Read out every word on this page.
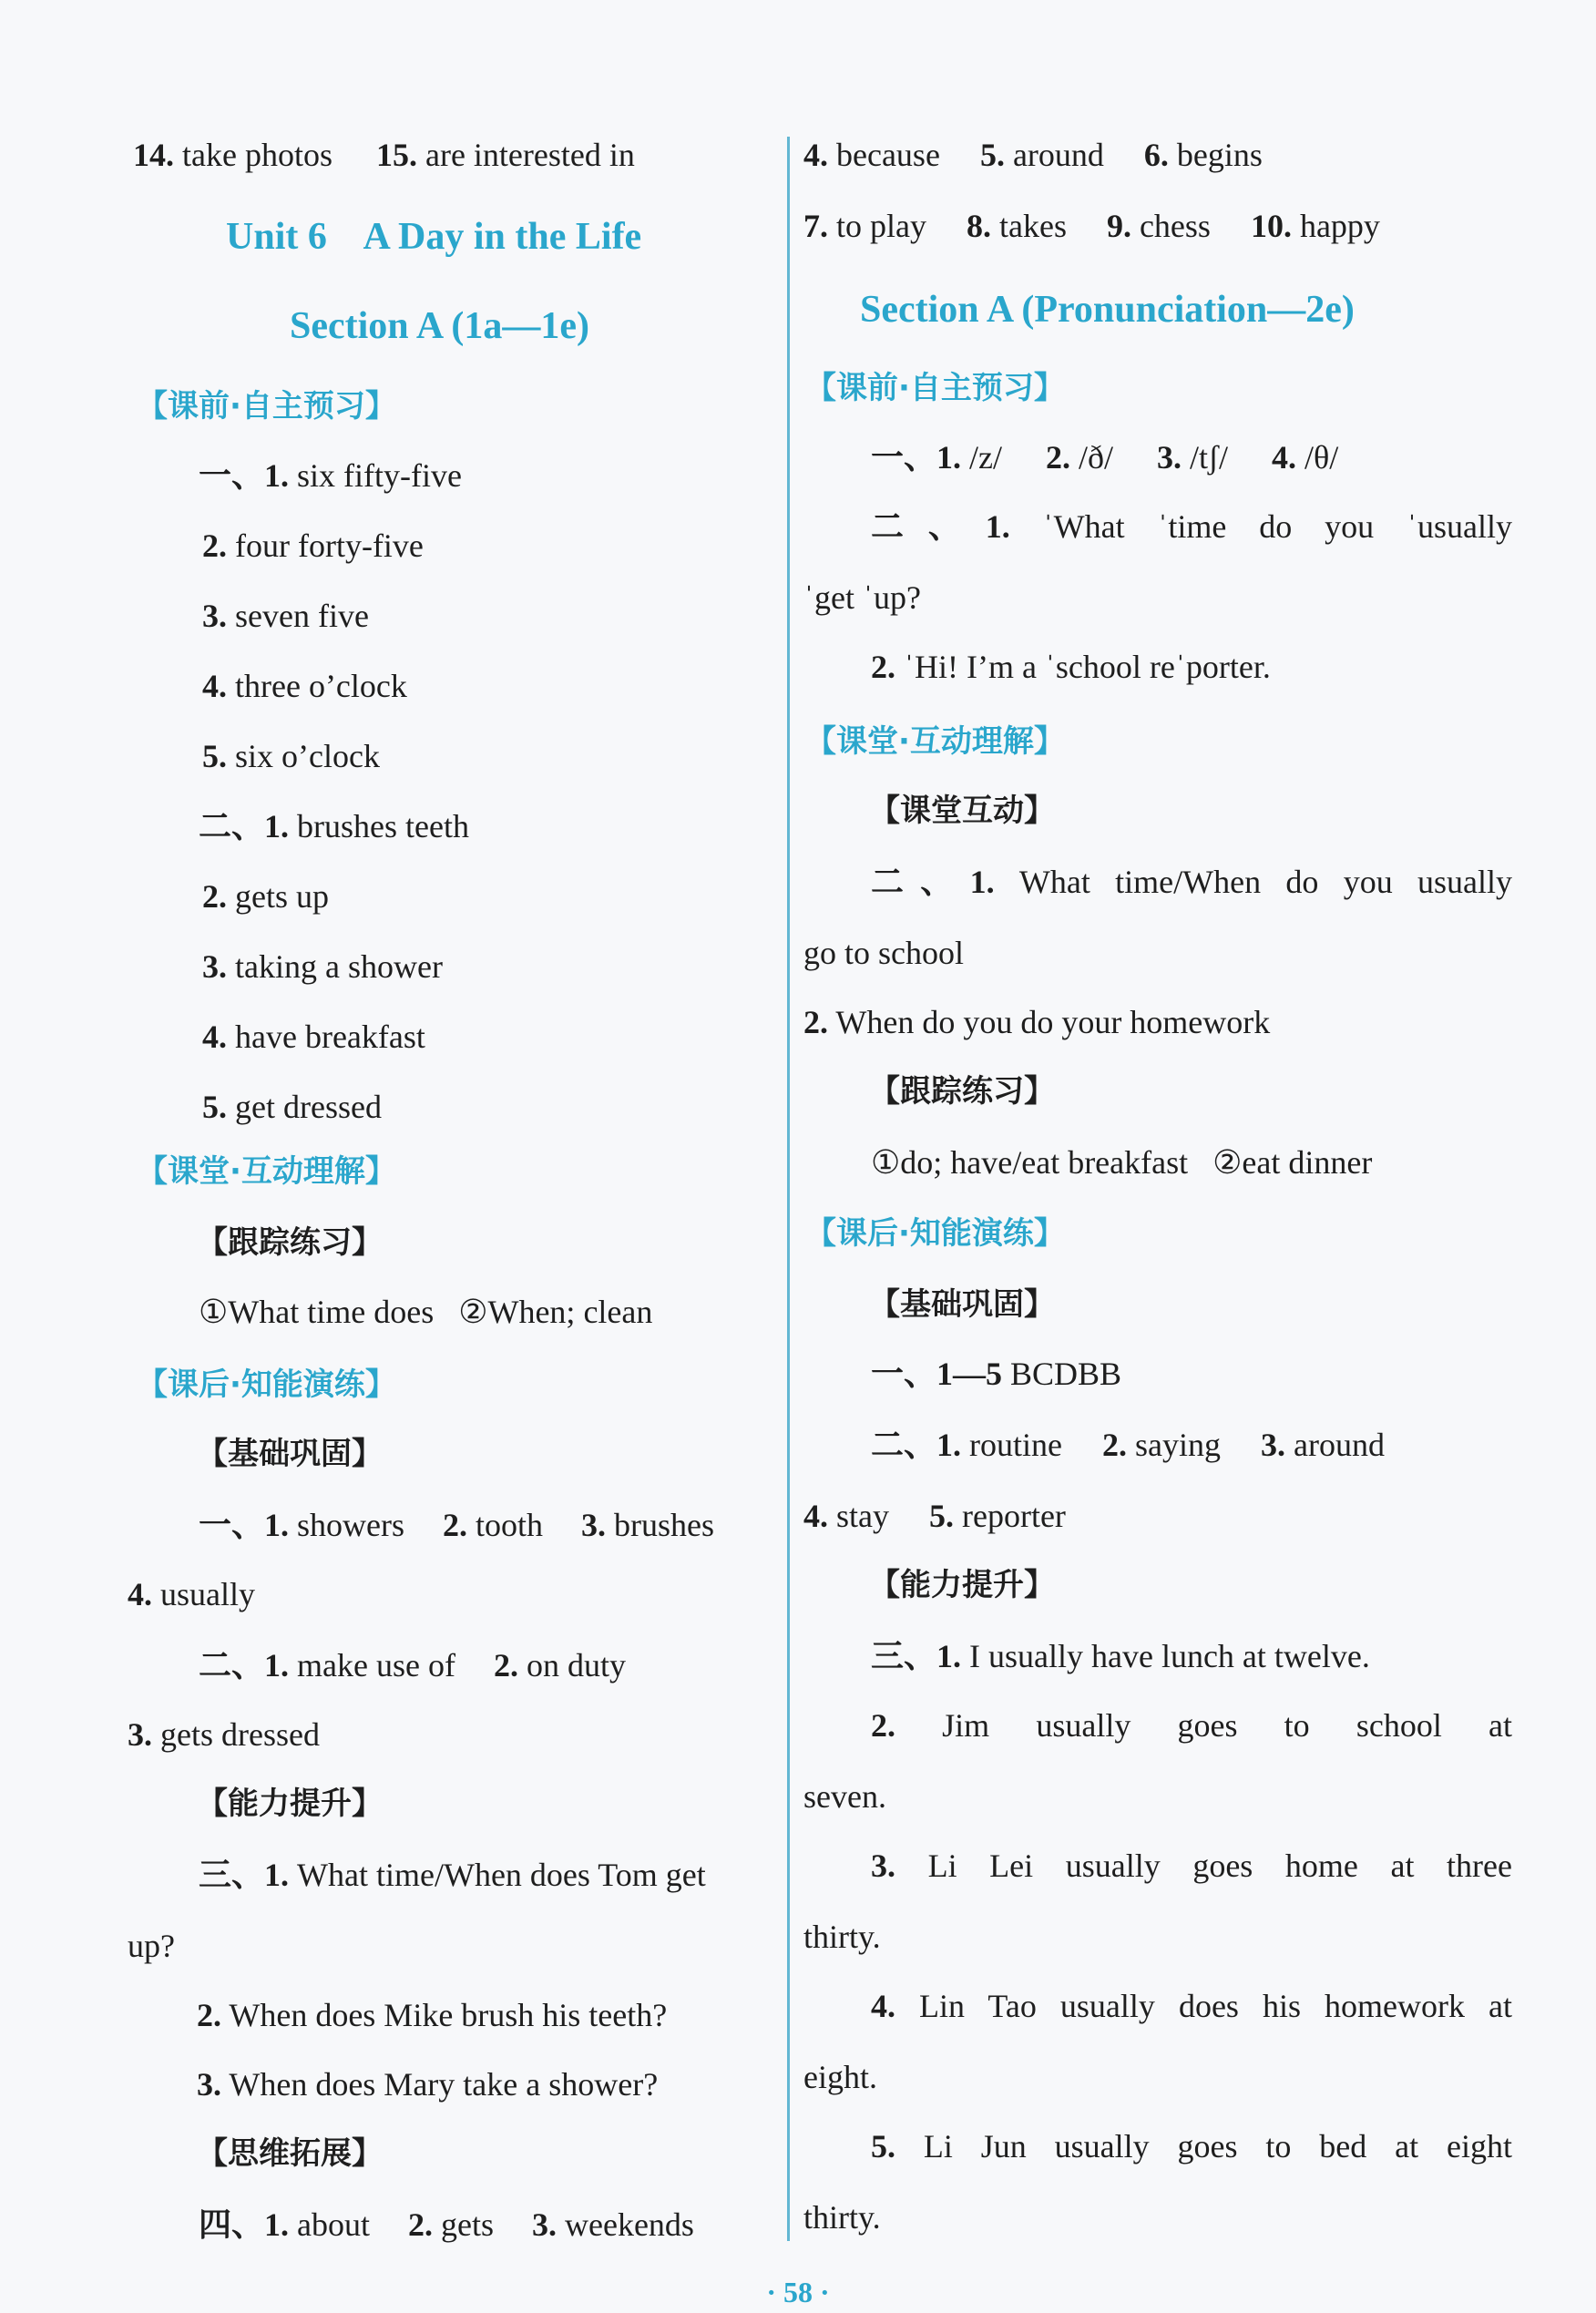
14. take photos 15. are interested in
Unit 6    A Day in the Life
Section A (1a—1e)
【课前·自主预习】
一、1. six fifty-five
2. four forty-five
3. seven five
4. three o’clock
5. six o’clock
二、1. brushes teeth
2. gets up
3. taking a shower
4. have breakfast
5. get dressed
【课堂·互动理解】
【跟踪练习】
①What time does   ②When; clean
【课后·知能演练】
【基础巩固】
一、1. showers 2. tooth 3. brushes
4. usually
二、1. make use of 2. on duty
3. gets dressed
【能力提升】
三、1. What time/When does Tom get
up?
2. When does Mike brush his teeth?
3. When does Mary take a shower?
【思维拓展】
四、1. about 2. gets 3. weekends
4. because 5. around 6. begins
7. to play 8. takes 9. chess 10. happy
Section A (Pronunciation—2e)
【课前·自主预习】
一、1. /z/ 2. /ð/ 3. /tʃ/ 4. /θ/
二、1. ˈWhat ˈtime do you ˈusually
ˈget ˈup?
2. ˈHi! I’m a ˈschool reˈporter.
【课堂·互动理解】
【课堂互动】
二、1. What time/When do you usually
go to school
2. When do you do your homework
【跟踪练习】
①do; have/eat breakfast   ②eat dinner
【课后·知能演练】
【基础巩固】
一、1—5 BCDBB
二、1. routine 2. saying 3. around
4. stay 5. reporter
【能力提升】
三、1. I usually have lunch at twelve.
2. Jim usually goes to school at
seven.
3. Li Lei usually goes home at three
thirty.
4. Lin Tao usually does his homework at
eight.
5. Li Jun usually goes to bed at eight
thirty.
· 58 ·
